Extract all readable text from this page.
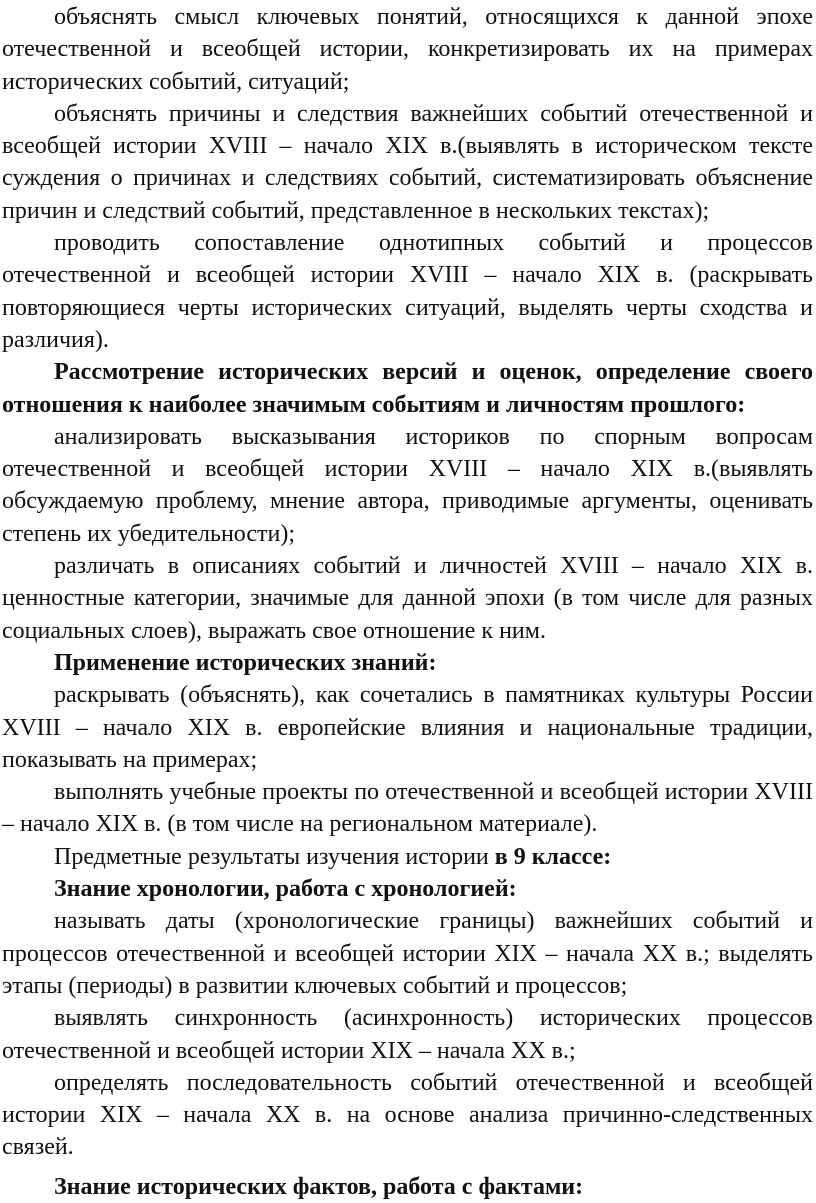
объяснять смысл ключевых понятий, относящихся к данной эпохе отечественной и всеобщей истории, конкретизировать их на примерах исторических событий, ситуаций;

объяснять причины и следствия важнейших событий отечественной и всеобщей истории XVIII – начало XIX в.(выявлять в историческом тексте суждения о причинах и следствиях событий, систематизировать объяснение причин и следствий событий, представленное в нескольких текстах);

проводить сопоставление однотипных событий и процессов отечественной и всеобщей истории XVIII – начало XIX в. (раскрывать повторяющиеся черты исторических ситуаций, выделять черты сходства и различия).

Рассмотрение исторических версий и оценок, определение своего отношения к наиболее значимым событиям и личностям прошлого:

анализировать высказывания историков по спорным вопросам отечественной и всеобщей истории XVIII – начало XIX в.(выявлять обсуждаемую проблему, мнение автора, приводимые аргументы, оценивать степень их убедительности);

различать в описаниях событий и личностей XVIII – начало XIX в. ценностные категории, значимые для данной эпохи (в том числе для разных социальных слоев), выражать свое отношение к ним.

Применение исторических знаний:

раскрывать (объяснять), как сочетались в памятниках культуры России XVIII – начало XIX в. европейские влияния и национальные традиции, показывать на примерах;

выполнять учебные проекты по отечественной и всеобщей истории XVIII – начало XIX в. (в том числе на региональном материале).

Предметные результаты изучения истории в 9 классе:

Знание хронологии, работа с хронологией:

называть даты (хронологические границы) важнейших событий и процессов отечественной и всеобщей истории XIX – начала XX в.; выделять этапы (периоды) в развитии ключевых событий и процессов;

выявлять синхронность (асинхронность) исторических процессов отечественной и всеобщей истории XIX – начала XX в.;

определять последовательность событий отечественной и всеобщей истории XIX – начала XX в. на основе анализа причинно-следственных связей.

Знание исторических фактов, работа с фактами:
